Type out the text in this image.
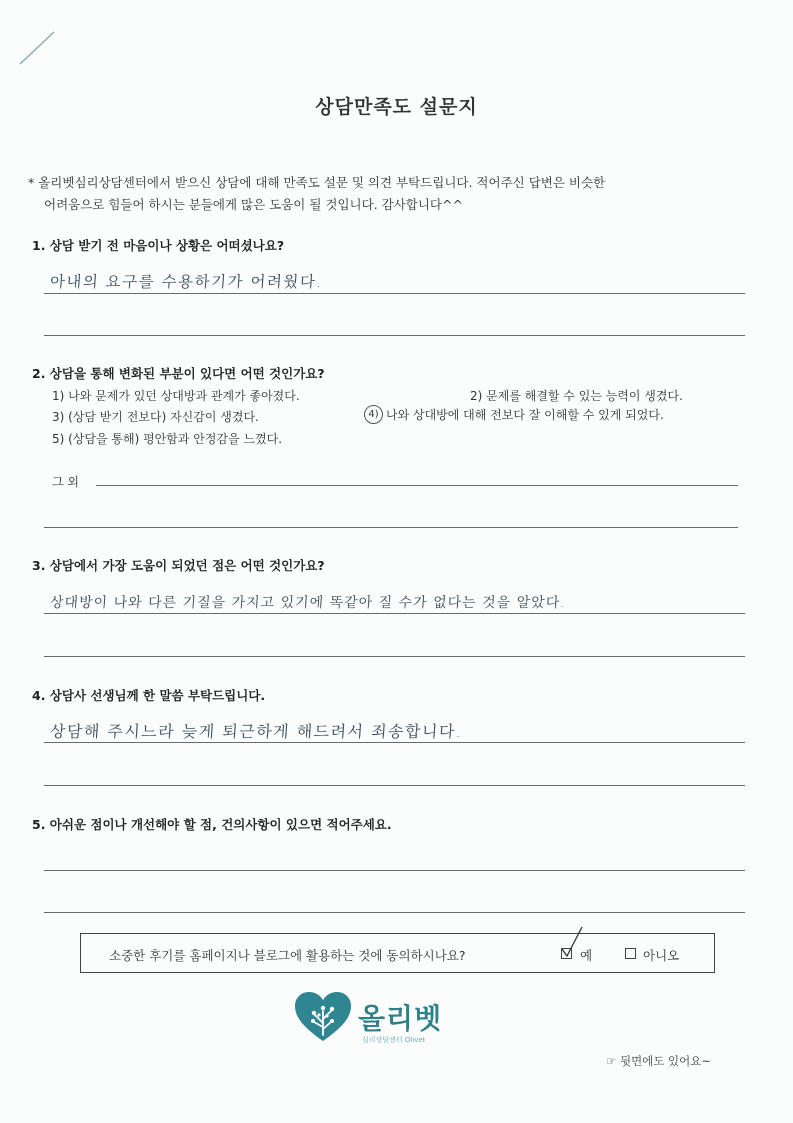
상담만족도 설문지
* 올리벳심리상담센터에서 받으신 상담에 대해 만족도 설문 및 의견 부탁드립니다. 적어주신 답변은 비슷한
어려움으로 힘들어 하시는 분들에게 많은 도움이 될 것입니다. 감사합니다^^
1. 상담 받기 전 마음이나 상황은 어떠셨나요?
아내의 요구를 수용하기가 어려웠다.
2. 상담을 통해 변화된 부분이 있다면 어떤 것인가요?
1) 나와 문제가 있던 상대방과 관계가 좋아졌다.	2) 문제를 해결할 수 있는 능력이 생겼다.
3) (상담 받기 전보다) 자신감이 생겼다.	4) 나와 상대방에 대해 전보다 잘 이해할 수 있게 되었다.
5) (상담을 통해) 평안함과 안정감을 느꼈다.
그 외
3. 상담에서 가장 도움이 되었던 점은 어떤 것인가요?
상대방이 나와 다른 기질을 가지고 있기에 똑같아 질 수가 없다는 것을 알았다.
4. 상담사 선생님께 한 말씀 부탁드립니다.
상담해 주시느라 늦게 퇴근하게 해드려서 죄송합니다.
5. 아쉬운 점이나 개선해야 할 점, 건의사항이 있으면 적어주세요.
소중한 후기를 홈페이지나 블로그에 활용하는 것에 동의하시나요?	예	아니오
올리벳
심리상담센터 Olivet
☞ 뒷면에도 있어요~
